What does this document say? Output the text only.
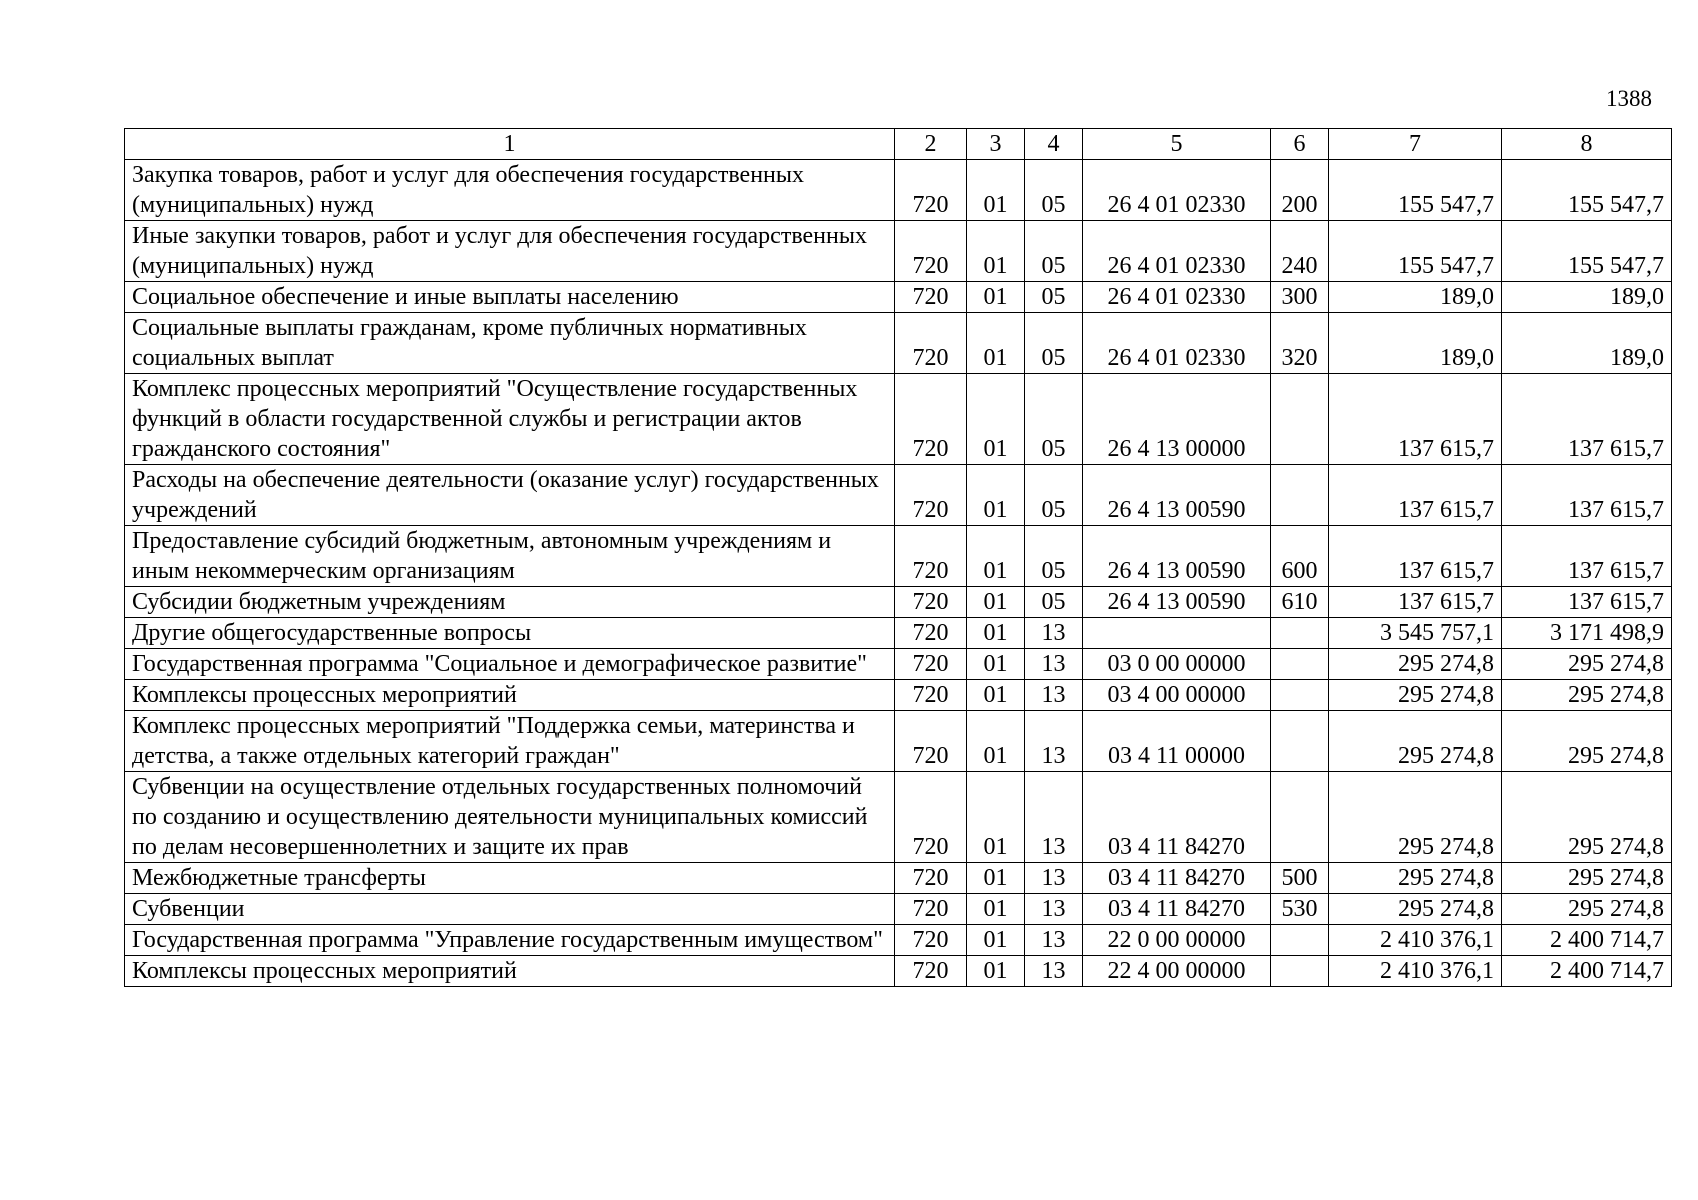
1388
1	2	3	4	5	6	7	8
Закупка товаров, работ и услуг для обеспечения государственных (муниципальных) нужд	720	01	05	26 4 01 02330	200	155 547,7	155 547,7
Иные закупки товаров, работ и услуг для обеспечения государственных (муниципальных) нужд	720	01	05	26 4 01 02330	240	155 547,7	155 547,7
Социальное обеспечение и иные выплаты населению	720	01	05	26 4 01 02330	300	189,0	189,0
Социальные выплаты гражданам, кроме публичных нормативных социальных выплат	720	01	05	26 4 01 02330	320	189,0	189,0
Комплекс процессных мероприятий "Осуществление государственных функций в области государственной службы и регистрации актов гражданского состояния"	720	01	05	26 4 13 00000		137 615,7	137 615,7
Расходы на обеспечение деятельности (оказание услуг) государственных учреждений	720	01	05	26 4 13 00590		137 615,7	137 615,7
Предоставление субсидий бюджетным, автономным учреждениям и иным некоммерческим организациям	720	01	05	26 4 13 00590	600	137 615,7	137 615,7
Субсидии бюджетным учреждениям	720	01	05	26 4 13 00590	610	137 615,7	137 615,7
Другие общегосударственные вопросы	720	01	13			3 545 757,1	3 171 498,9
Государственная программа "Социальное и демографическое развитие"	720	01	13	03 0 00 00000		295 274,8	295 274,8
Комплексы процессных мероприятий	720	01	13	03 4 00 00000		295 274,8	295 274,8
Комплекс процессных мероприятий "Поддержка семьи, материнства и детства, а также отдельных категорий граждан"	720	01	13	03 4 11 00000		295 274,8	295 274,8
Субвенции на осуществление отдельных государственных полномочий по созданию и осуществлению деятельности муниципальных комиссий по делам несовершеннолетних и защите их прав	720	01	13	03 4 11 84270		295 274,8	295 274,8
Межбюджетные трансферты	720	01	13	03 4 11 84270	500	295 274,8	295 274,8
Субвенции	720	01	13	03 4 11 84270	530	295 274,8	295 274,8
Государственная программа "Управление государственным имуществом"	720	01	13	22 0 00 00000		2 410 376,1	2 400 714,7
Комплексы процессных мероприятий	720	01	13	22 4 00 00000		2 410 376,1	2 400 714,7
